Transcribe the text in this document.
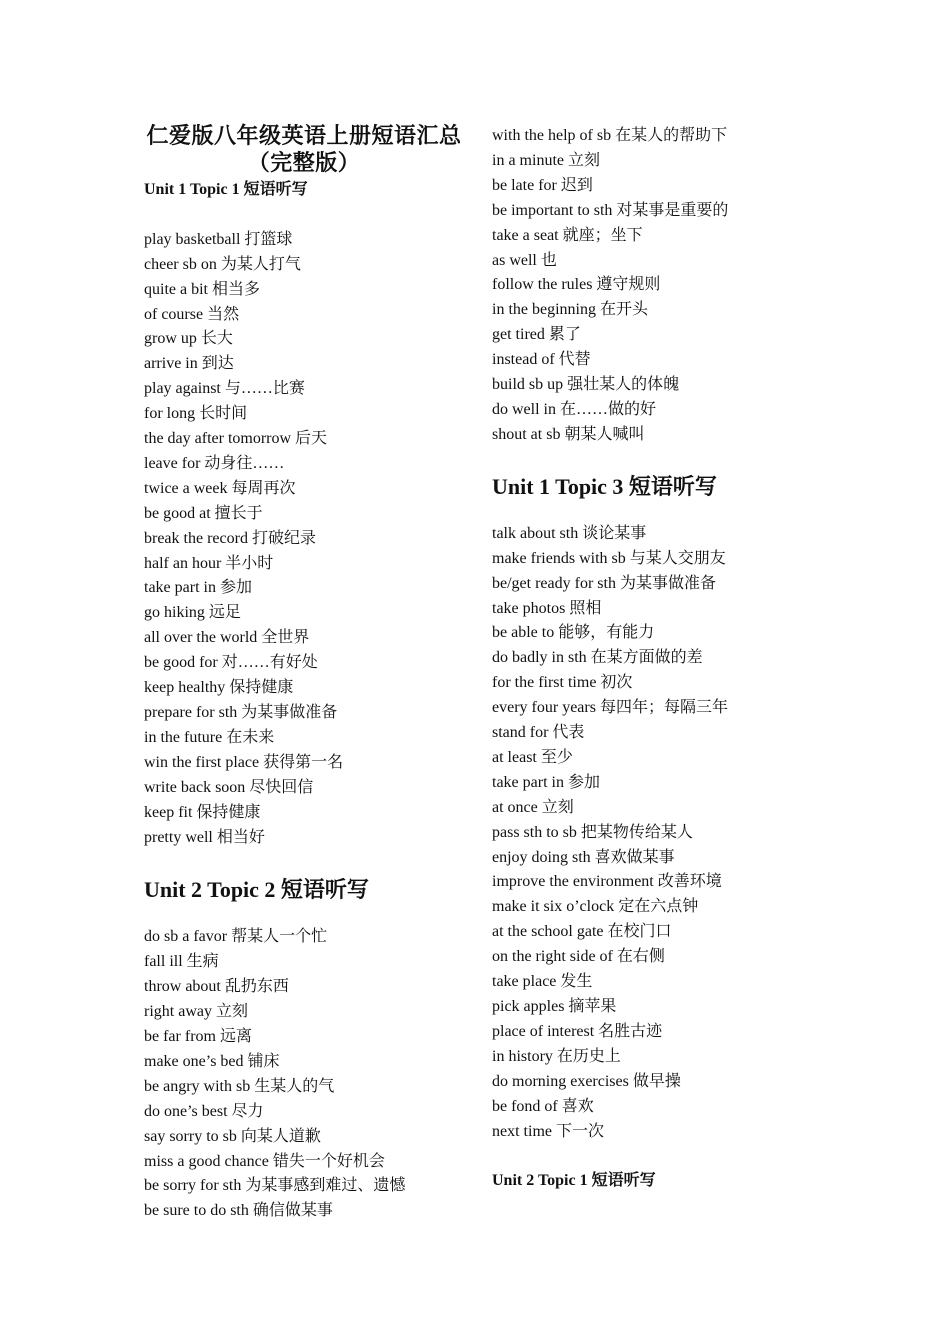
仁爱版八年级英语上册短语汇总
（完整版）
Unit 1 Topic 1 短语听写
play basketball 打篮球
cheer sb on 为某人打气
quite a bit 相当多
of course 当然
grow up 长大
arrive in 到达
play against 与……比赛
for long 长时间
the day after tomorrow 后天
leave for 动身往……
twice a week 每周再次
be good at 擅长于
break the record 打破纪录
half an hour 半小时
take part in 参加
go hiking 远足
all over the world 全世界
be good for 对……有好处
keep healthy 保持健康
prepare for sth 为某事做准备
in the future 在未来
win the first place 获得第一名
write back soon 尽快回信
keep fit 保持健康
pretty well 相当好
Unit 2 Topic 2 短语听写
do sb a favor 帮某人一个忙
fall ill 生病
throw about 乱扔东西
right away 立刻
be far from 远离
make one’s bed 铺床
be angry with sb 生某人的气
do one’s best 尽力
say sorry to sb 向某人道歉
miss a good chance 错失一个好机会
be sorry for sth 为某事感到难过、遗憾
be sure to do sth 确信做某事
with the help of sb 在某人的帮助下
in a minute 立刻
be late for 迟到
be important to sth 对某事是重要的
take a seat 就座；坐下
as well 也
follow the rules 遵守规则
in the beginning 在开头
get tired 累了
instead of 代替
build sb up 强壮某人的体魄
do well in 在……做的好
shout at sb 朝某人喊叫
Unit 1 Topic 3 短语听写
talk about sth 谈论某事
make friends with sb 与某人交朋友
be/get ready for sth 为某事做准备
take photos 照相
be able to 能够，有能力
do badly in sth 在某方面做的差
for the first time 初次
every four years 每四年；每隔三年
stand for 代表
at least 至少
take part in 参加
at once 立刻
pass sth to sb 把某物传给某人
enjoy doing sth 喜欢做某事
improve the environment 改善环境
make it six o’clock 定在六点钟
at the school gate 在校门口
on the right side of 在右侧
take place 发生
pick apples 摘苹果
place of interest 名胜古迹
in history 在历史上
do morning exercises 做早操
be fond of 喜欢
next time 下一次
Unit 2 Topic 1 短语听写
